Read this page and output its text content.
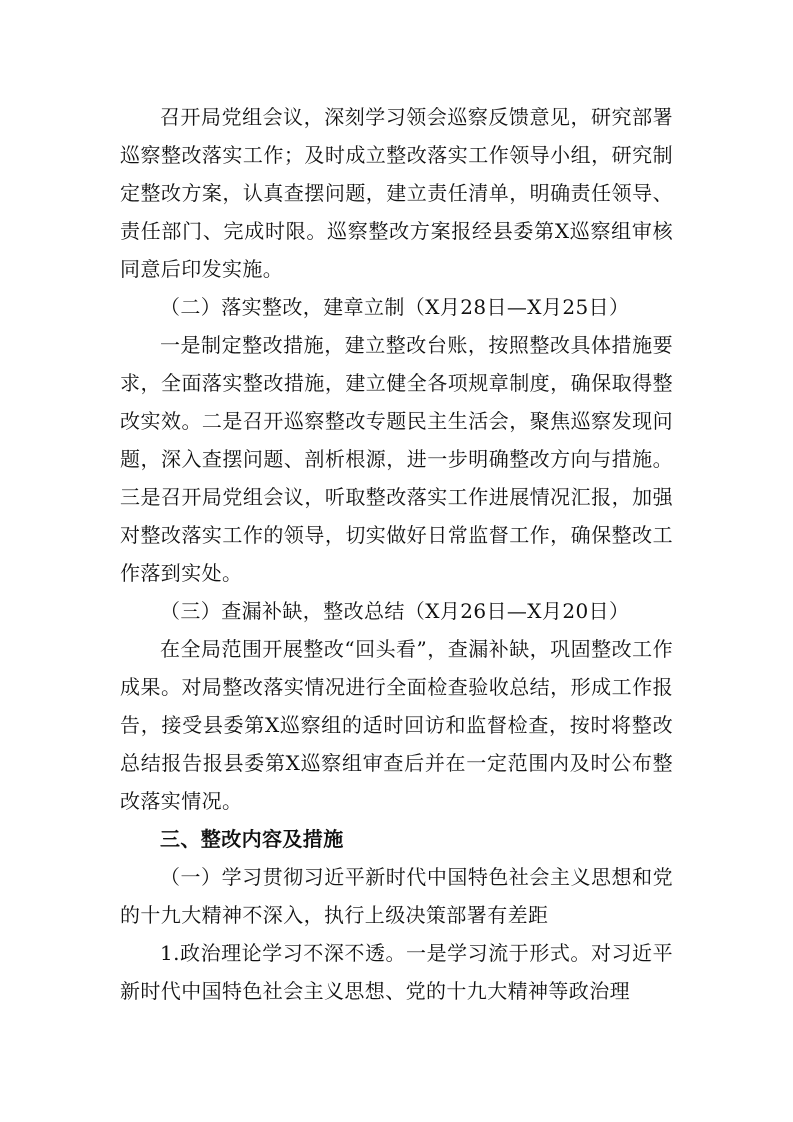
召开局党组会议，深刻学习领会巡察反馈意见，研究部署巡察整改落实工作；及时成立整改落实工作领导小组，研究制定整改方案，认真查摆问题，建立责任清单，明确责任领导、责任部门、完成时限。巡察整改方案报经县委第X巡察组审核同意后印发实施。

（二）落实整改，建章立制（X月28日—X月25日）

一是制定整改措施，建立整改台账，按照整改具体措施要求，全面落实整改措施，建立健全各项规章制度，确保取得整改实效。二是召开巡察整改专题民主生活会，聚焦巡察发现问题，深入查摆问题、剖析根源，进一步明确整改方向与措施。三是召开局党组会议，听取整改落实工作进展情况汇报，加强对整改落实工作的领导，切实做好日常监督工作，确保整改工作落到实处。

（三）查漏补缺，整改总结（X月26日—X月20日）

在全局范围开展整改“回头看”，查漏补缺，巩固整改工作成果。对局整改落实情况进行全面检查验收总结，形成工作报告，接受县委第X巡察组的适时回访和监督检查，按时将整改总结报告报县委第X巡察组审查后并在一定范围内及时公布整改落实情况。

三、整改内容及措施

（一）学习贯彻习近平新时代中国特色社会主义思想和党的十九大精神不深入，执行上级决策部署有差距

1.政治理论学习不深不透。一是学习流于形式。对习近平新时代中国特色社会主义思想、党的十九大精神等政治理
